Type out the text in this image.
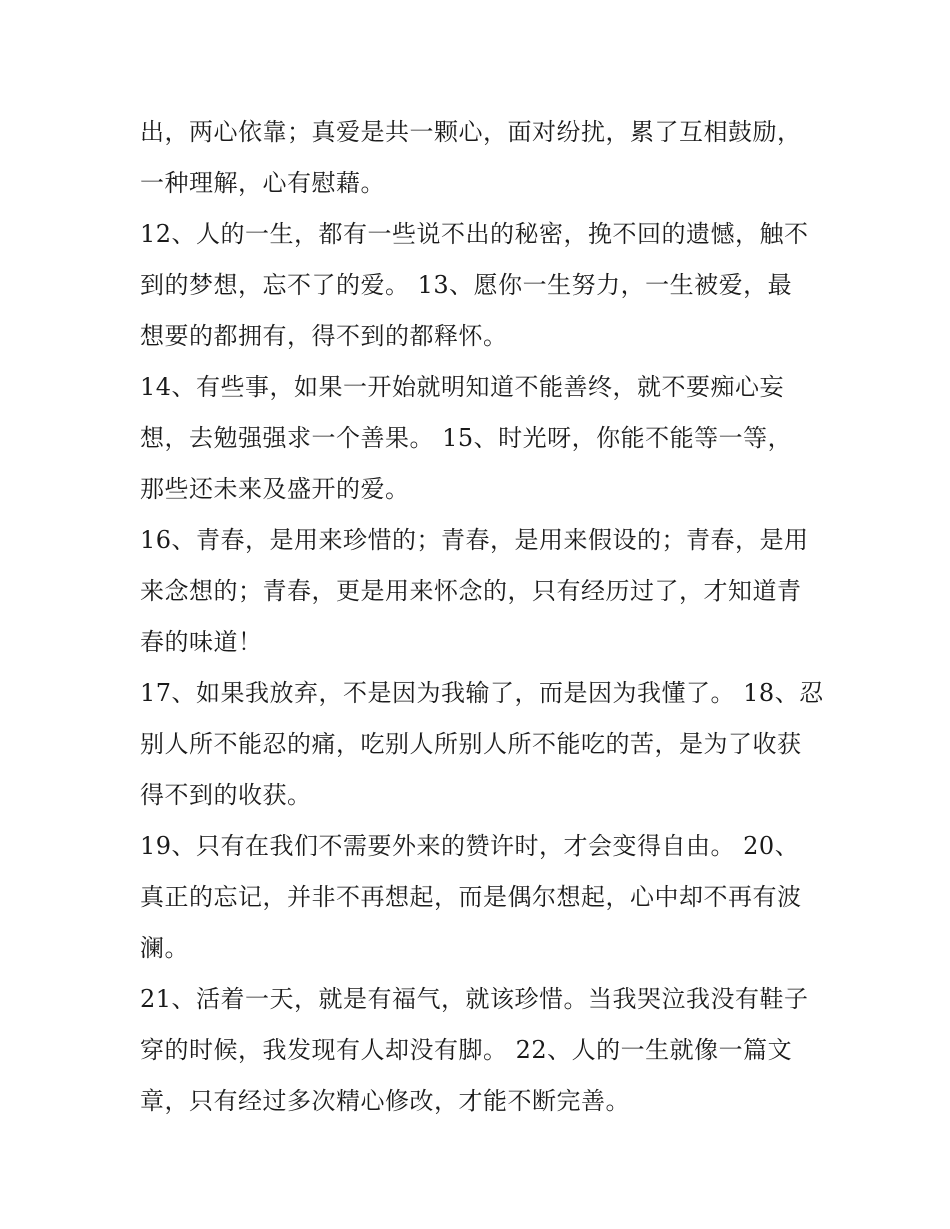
出，两心依靠；真爱是共一颗心，面对纷扰，累了互相鼓励，
一种理解，心有慰藉。

12、人的一生，都有一些说不出的秘密，挽不回的遗憾，触不
到的梦想，忘不了的爱。 13、愿你一生努力，一生被爱，最
想要的都拥有，得不到的都释怀。

14、有些事，如果一开始就明知道不能善终，就不要痴心妄
想，去勉强强求一个善果。 15、时光呀，你能不能等一等，
那些还未来及盛开的爱。

16、青春，是用来珍惜的；青春，是用来假设的；青春，是用
来念想的；青春，更是用来怀念的，只有经历过了，才知道青
春的味道！

17、如果我放弃，不是因为我输了，而是因为我懂了。 18、忍
别人所不能忍的痛，吃别人所别人所不能吃的苦，是为了收获
得不到的收获。

19、只有在我们不需要外来的赞许时，才会变得自由。 20、
真正的忘记，并非不再想起，而是偶尔想起，心中却不再有波
澜。

21、活着一天，就是有福气，就该珍惜。当我哭泣我没有鞋子
穿的时候，我发现有人却没有脚。 22、人的一生就像一篇文
章，只有经过多次精心修改，才能不断完善。
